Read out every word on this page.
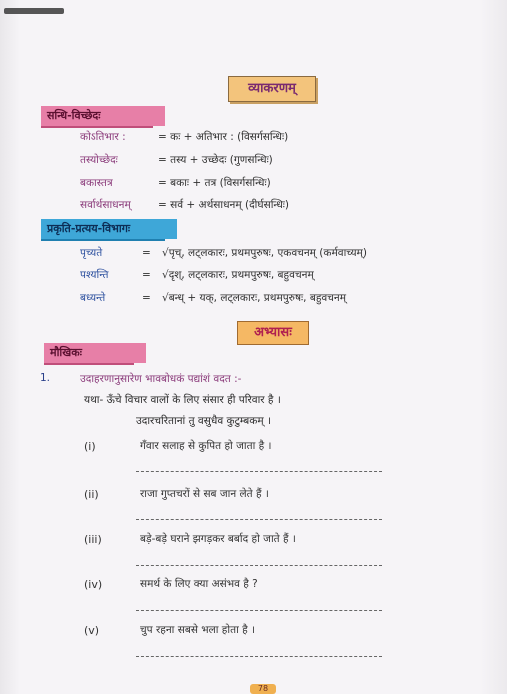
व्याकरणम्
सन्धि-विच्छेदः
कोऽतिभार :	= कः + अतिभार : (विसर्गसन्धिः)
तस्योच्छेदः	= तस्य + उच्छेदः (गुणसन्धिः)
बकास्तत्र	= बकाः + तत्र (विसर्गसन्धिः)
सर्वार्थसाधनम्	= सर्व + अर्थसाधनम् (दीर्घसन्धिः)
प्रकृति-प्रत्यय-विभागः
पृच्यते	= √पृच्, लट्लकारः, प्रथमपुरुषः, एकवचनम् (कर्मवाच्यम्)
पश्यन्ति	= √दृश्, लट्लकारः, प्रथमपुरुषः, बहुवचनम्
बध्यन्ते	= √बन्ध् + यक्, लट्लकारः, प्रथमपुरुषः, बहुवचनम्
अभ्यासः
मौखिकः
1.	उदाहरणानुसारेण भावबोधकं पद्यांशं वदत :-
यथा- ऊँचे विचार वालों के लिए संसार ही परिवार है ।
उदारचरितानां तु वसुधैव कुटुम्बकम् ।
(i)	गँवार सलाह से कुपित हो जाता है ।
(ii)	राजा गुप्तचरों से सब जान लेते हैं ।
(iii)	बड़े-बड़े घराने झगड़कर बर्बाद हो जाते हैं ।
(iv)	समर्थ के लिए क्या असंभव है ?
(v)	चुप रहना सबसे भला होता है ।
78
